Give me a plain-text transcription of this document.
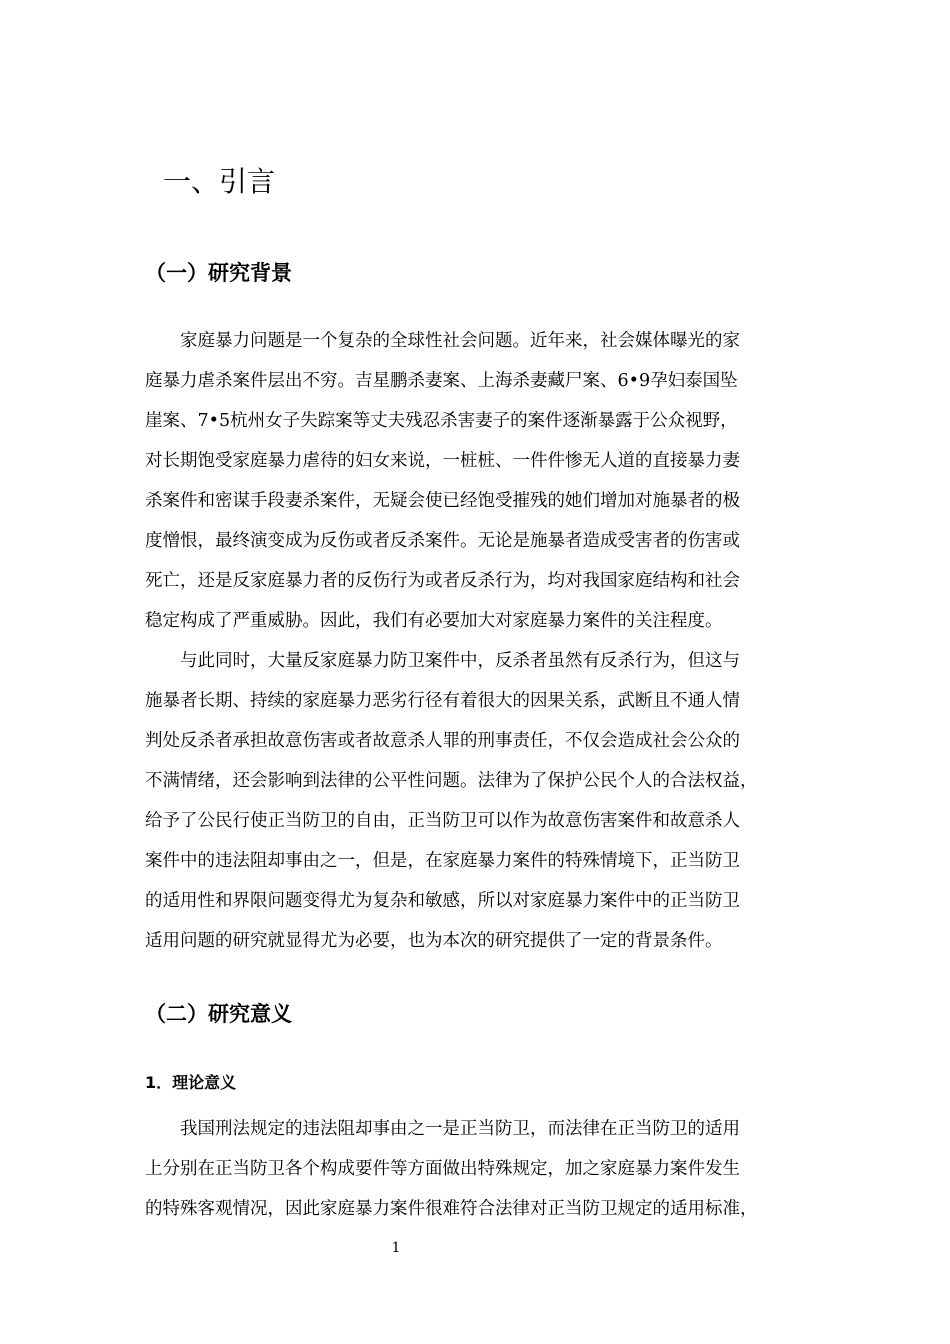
一、引言
（一）研究背景
家庭暴力问题是一个复杂的全球性社会问题。近年来，社会媒体曝光的家
庭暴力虐杀案件层出不穷。吉星鹏杀妻案、上海杀妻藏尸案、6•9孕妇泰国坠
崖案、7•5杭州女子失踪案等丈夫残忍杀害妻子的案件逐渐暴露于公众视野，
对长期饱受家庭暴力虐待的妇女来说，一桩桩、一件件惨无人道的直接暴力妻
杀案件和密谋手段妻杀案件，无疑会使已经饱受摧残的她们增加对施暴者的极
度憎恨，最终演变成为反伤或者反杀案件。无论是施暴者造成受害者的伤害或
死亡，还是反家庭暴力者的反伤行为或者反杀行为，均对我国家庭结构和社会
稳定构成了严重威胁。因此，我们有必要加大对家庭暴力案件的关注程度。
与此同时，大量反家庭暴力防卫案件中，反杀者虽然有反杀行为，但这与
施暴者长期、持续的家庭暴力恶劣行径有着很大的因果关系，武断且不通人情
判处反杀者承担故意伤害或者故意杀人罪的刑事责任，不仅会造成社会公众的
不满情绪，还会影响到法律的公平性问题。法律为了保护公民个人的合法权益，
给予了公民行使正当防卫的自由，正当防卫可以作为故意伤害案件和故意杀人
案件中的违法阻却事由之一，但是，在家庭暴力案件的特殊情境下，正当防卫
的适用性和界限问题变得尤为复杂和敏感，所以对家庭暴力案件中的正当防卫
适用问题的研究就显得尤为必要，也为本次的研究提供了一定的背景条件。
（二）研究意义
1．理论意义
我国刑法规定的违法阻却事由之一是正当防卫，而法律在正当防卫的适用
上分别在正当防卫各个构成要件等方面做出特殊规定，加之家庭暴力案件发生
的特殊客观情况，因此家庭暴力案件很难符合法律对正当防卫规定的适用标准，
1
